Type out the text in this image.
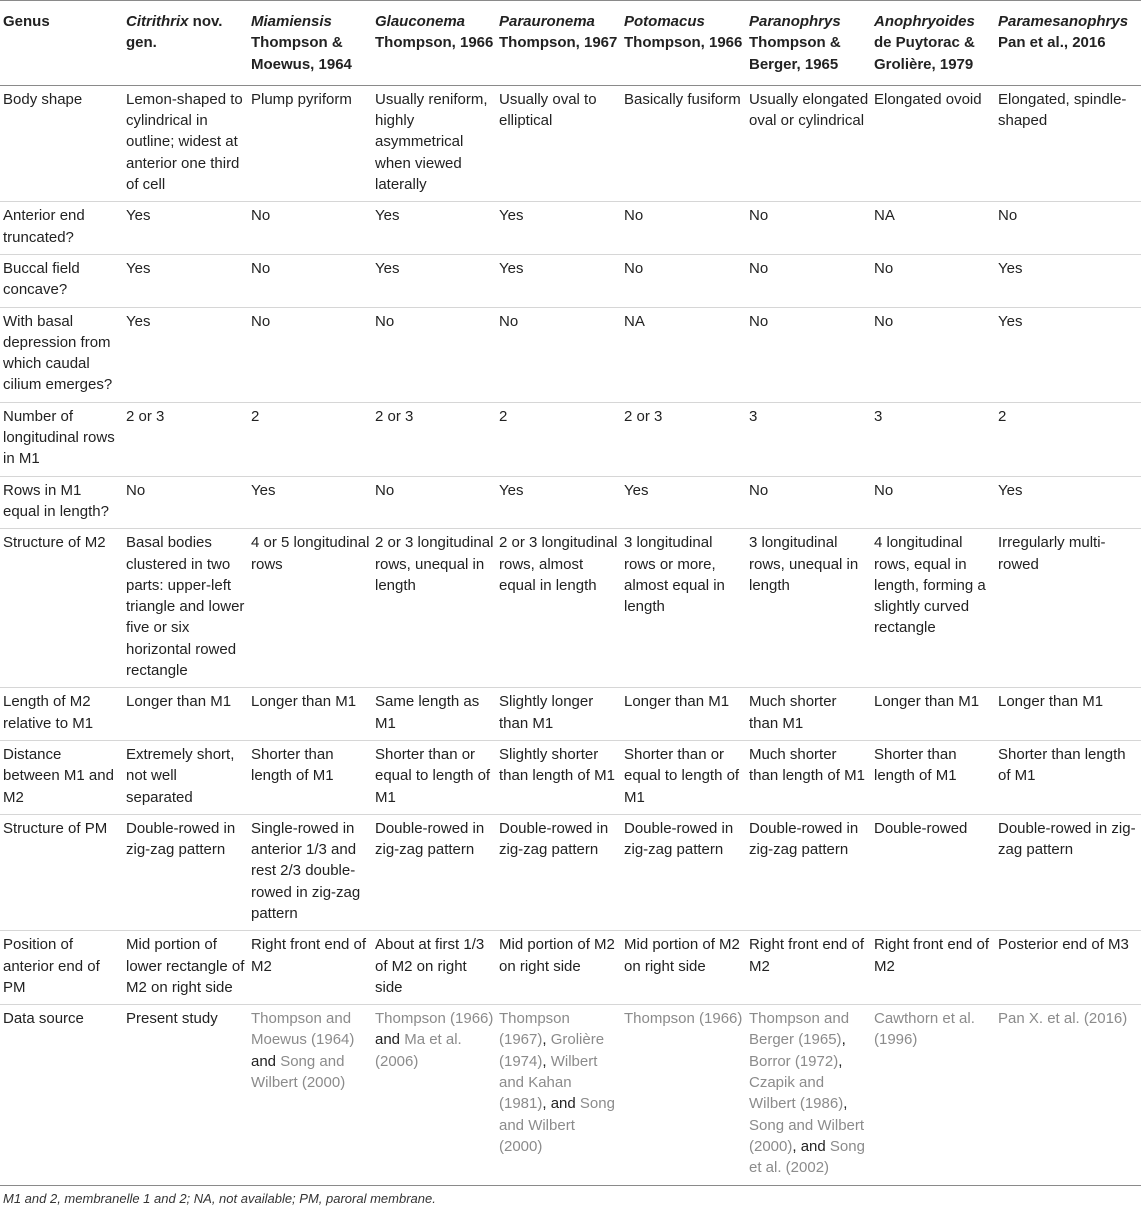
Genus	Citrithrix nov. gen.	Miamiensis Thompson & Moewus, 1964	Glauconema Thompson, 1966	Parauronema Thompson, 1967	Potomacus Thompson, 1966	Paranophrys Thompson & Berger, 1965	Anophryoides de Puytorac & Grolière, 1979	Paramesanophrys Pan et al., 2016
Body shape	Lemon-shaped to cylindrical in outline; widest at anterior one third of cell	Plump pyriform	Usually reniform, highly asymmetrical when viewed laterally	Usually oval to elliptical	Basically fusiform	Usually elongated oval or cylindrical	Elongated ovoid	Elongated, spindle-shaped
Anterior end truncated?	Yes	No	Yes	Yes	No	No	NA	No
Buccal field concave?	Yes	No	Yes	Yes	No	No	No	Yes
With basal depression from which caudal cilium emerges?	Yes	No	No	No	NA	No	No	Yes
Number of longitudinal rows in M1	2 or 3	2	2 or 3	2	2 or 3	3	3	2
Rows in M1 equal in length?	No	Yes	No	Yes	Yes	No	No	Yes
Structure of M2	Basal bodies clustered in two parts: upper-left triangle and lower five or six horizontal rowed rectangle	4 or 5 longitudinal rows	2 or 3 longitudinal rows, unequal in length	2 or 3 longitudinal rows, almost equal in length	3 longitudinal rows or more, almost equal in length	3 longitudinal rows, unequal in length	4 longitudinal rows, equal in length, forming a slightly curved rectangle	Irregularly multi-rowed
Length of M2 relative to M1	Longer than M1	Longer than M1	Same length as M1	Slightly longer than M1	Longer than M1	Much shorter than M1	Longer than M1	Longer than M1
Distance between M1 and M2	Extremely short, not well separated	Shorter than length of M1	Shorter than or equal to length of M1	Slightly shorter than length of M1	Shorter than or equal to length of M1	Much shorter than length of M1	Shorter than length of M1	Shorter than length of M1
Structure of PM	Double-rowed in zig-zag pattern	Single-rowed in anterior 1/3 and rest 2/3 double-rowed in zig-zag pattern	Double-rowed in zig-zag pattern	Double-rowed in zig-zag pattern	Double-rowed in zig-zag pattern	Double-rowed in zig-zag pattern	Double-rowed	Double-rowed in zig-zag pattern
Position of anterior end of PM	Mid portion of lower rectangle of M2 on right side	Right front end of M2	About at first 1/3 of M2 on right side	Mid portion of M2 on right side	Mid portion of M2 on right side	Right front end of M2	Right front end of M2	Posterior end of M3
Data source	Present study	Thompson and Moewus (1964) and Song and Wilbert (2000)	Thompson (1966) and Ma et al. (2006)	Thompson (1967), Grolière (1974), Wilbert and Kahan (1981), and Song and Wilbert (2000)	Thompson (1966)	Thompson and Berger (1965), Borror (1972), Czapik and Wilbert (1986), Song and Wilbert (2000), and Song et al. (2002)	Cawthorn et al. (1996)	Pan X. et al. (2016)
M1 and 2, membranelle 1 and 2; NA, not available; PM, paroral membrane.
